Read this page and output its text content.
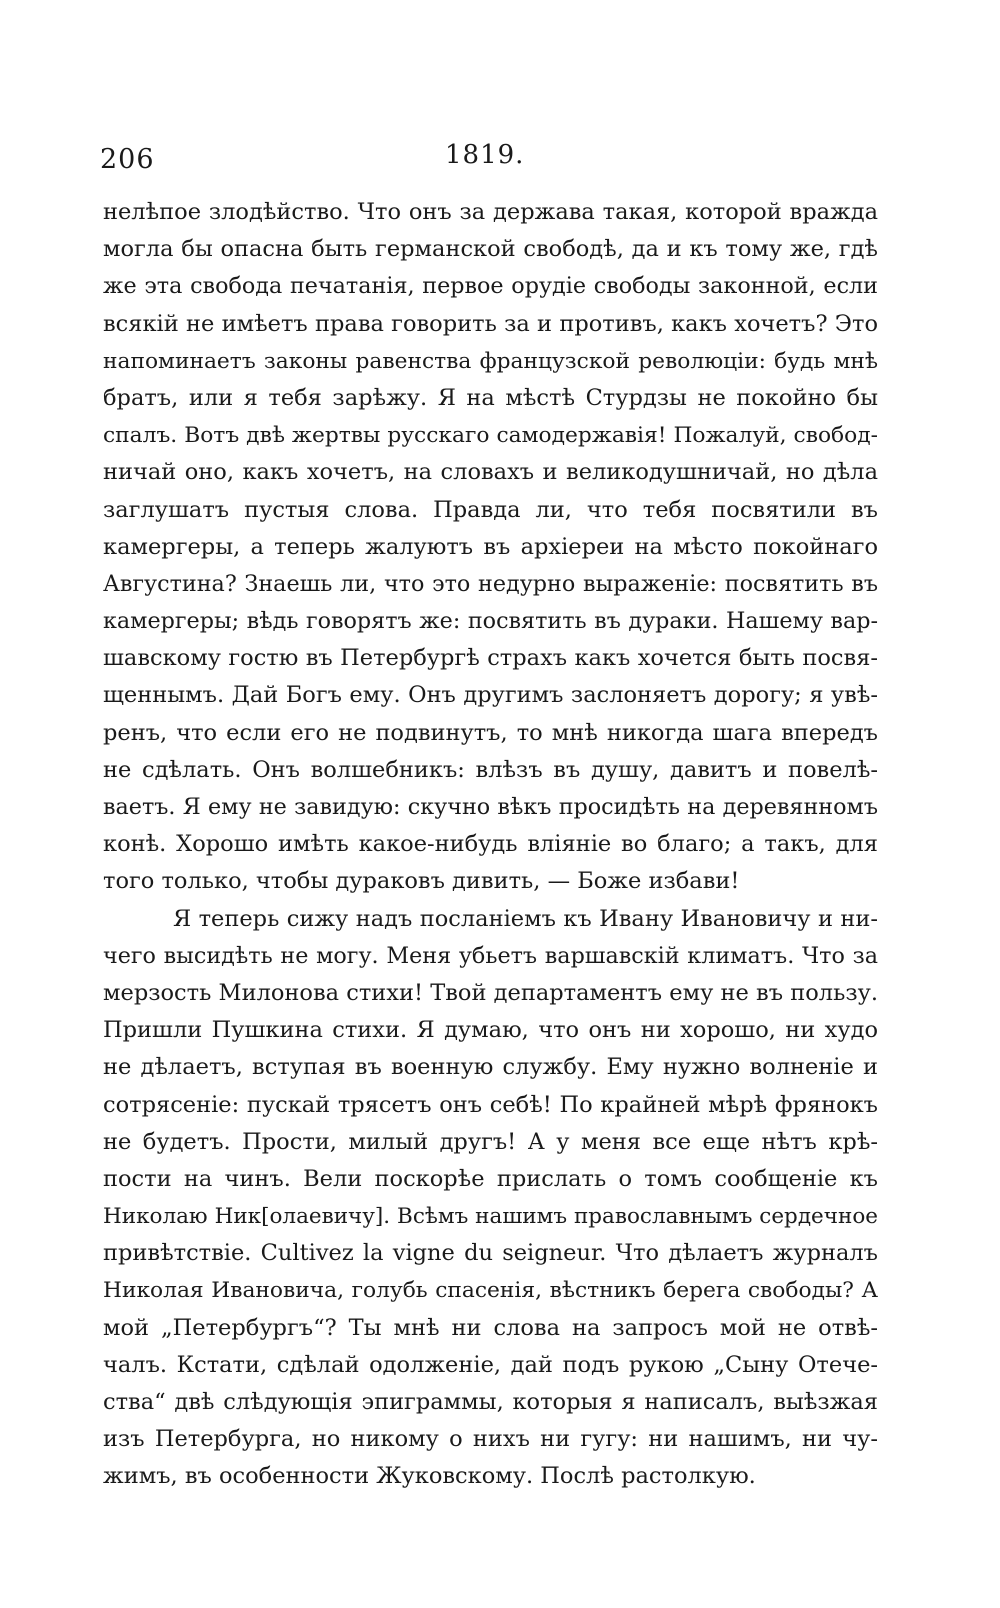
206	1819.
нелѣпое злодѣйство. Что онъ за держава такая, которой вражда
могла бы опасна быть германской свободѣ, да и къ тому же, гдѣ
же эта свобода печатанія, первое орудіе свободы законной, если
всякій не имѣетъ права говорить за и противъ, какъ хочетъ? Это
напоминаетъ законы равенства французской революціи: будь мнѣ
братъ, или я тебя зарѣжу. Я на мѣстѣ Стурдзы не покойно бы
спалъ. Вотъ двѣ жертвы русскаго самодержавія! Пожалуй, свобод-
ничай оно, какъ хочетъ, на словахъ и великодушничай, но дѣла
заглушатъ пустыя слова. Правда ли, что тебя посвятили въ
камергеры, а теперь жалуютъ въ архіереи на мѣсто покойнаго
Августина? Знаешь ли, что это недурно выраженіе: посвятить въ
камергеры; вѣдь говорятъ же: посвятить въ дураки. Нашему вар-
шавскому гостю въ Петербургѣ страхъ какъ хочется быть посвя-
щеннымъ. Дай Богъ ему. Онъ другимъ заслоняетъ дорогу; я увѣ-
ренъ, что если его не подвинутъ, то мнѣ никогда шага впередъ
не сдѣлать. Онъ волшебникъ: влѣзъ въ душу, давитъ и повелѣ-
ваетъ. Я ему не завидую: скучно вѣкъ просидѣть на деревянномъ
конѣ. Хорошо имѣть какое-нибудь вліяніе во благо; а такъ, для
того только, чтобы дураковъ дивить, — Боже избави!
Я теперь сижу надъ посланіемъ къ Ивану Ивановичу и ни-
чего высидѣть не могу. Меня убьетъ варшавскій климатъ. Что за
мерзость Милонова стихи! Твой департаментъ ему не въ пользу.
Пришли Пушкина стихи. Я думаю, что онъ ни хорошо, ни худо
не дѣлаетъ, вступая въ военную службу. Ему нужно волненіе и
сотрясеніе: пускай трясетъ онъ себѣ! По крайней мѣрѣ фрянокъ
не будетъ. Прости, милый другъ! А у меня все еще нѣтъ крѣ-
пости на чинъ. Вели поскорѣе прислать о томъ сообщеніе къ
Николаю Ник[олаевичу]. Всѣмъ нашимъ православнымъ сердечное
привѣтствіе. Cultivez la vigne du seigneur. Что дѣлаетъ журналъ
Николая Ивановича, голубь спасенія, вѣстникъ берега свободы? А
мой „Петербургъ“? Ты мнѣ ни слова на запросъ мой не отвѣ-
чалъ. Кстати, сдѣлай одолженіе, дай подъ рукою „Сыну Отече-
ства“ двѣ слѣдующія эпиграммы, которыя я написалъ, выѣзжая
изъ Петербурга, но никому о нихъ ни гугу: ни нашимъ, ни чу-
жимъ, въ особенности Жуковскому. Послѣ растолкую.
